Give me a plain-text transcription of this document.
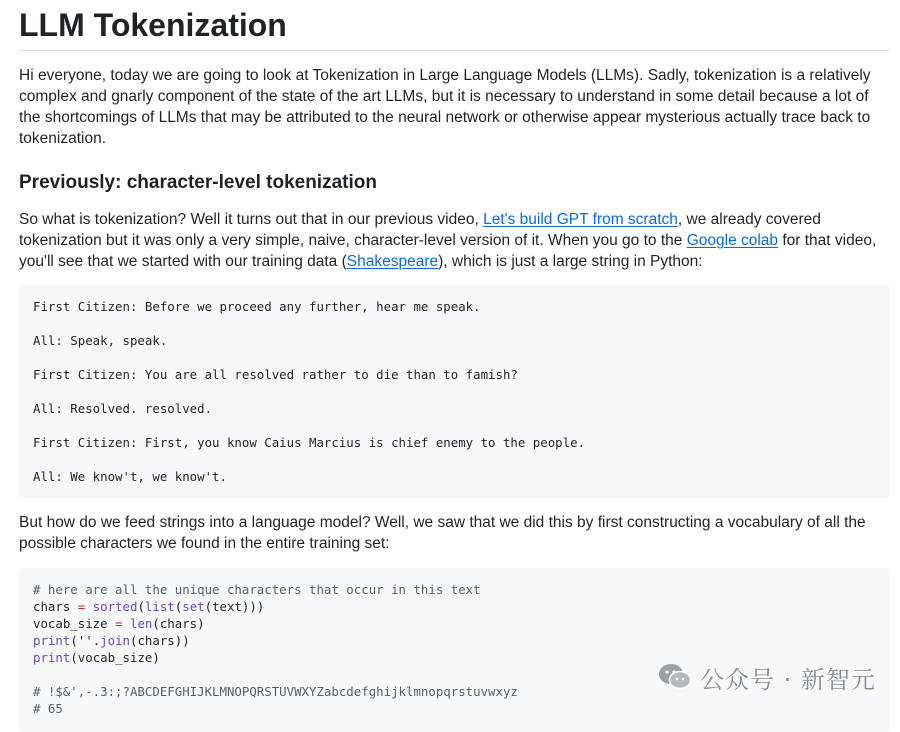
LLM Tokenization

Hi everyone, today we are going to look at Tokenization in Large Language Models (LLMs). Sadly, tokenization is a relatively complex and gnarly component of the state of the art LLMs, but it is necessary to understand in some detail because a lot of the shortcomings of LLMs that may be attributed to the neural network or otherwise appear mysterious actually trace back to tokenization.

Previously: character-level tokenization

So what is tokenization? Well it turns out that in our previous video, Let's build GPT from scratch, we already covered tokenization but it was only a very simple, naive, character-level version of it. When you go to the Google colab for that video, you'll see that we started with our training data (Shakespeare), which is just a large string in Python:

First Citizen: Before we proceed any further, hear me speak.

All: Speak, speak.

First Citizen: You are all resolved rather to die than to famish?

All: Resolved. resolved.

First Citizen: First, you know Caius Marcius is chief enemy to the people.

All: We know't, we know't.

But how do we feed strings into a language model? Well, we saw that we did this by first constructing a vocabulary of all the possible characters we found in the entire training set:

# here are all the unique characters that occur in this text

chars = sorted(list(set(text)))

vocab_size = len(chars)

print(''.join(chars))

print(vocab_size)

# !$&',-.3:;?ABCDEFGHIJKLMNOPQRSTUVWXYZabcdefghijklmnopqrstuvwxyz

# 65

公众号 · 新智元
